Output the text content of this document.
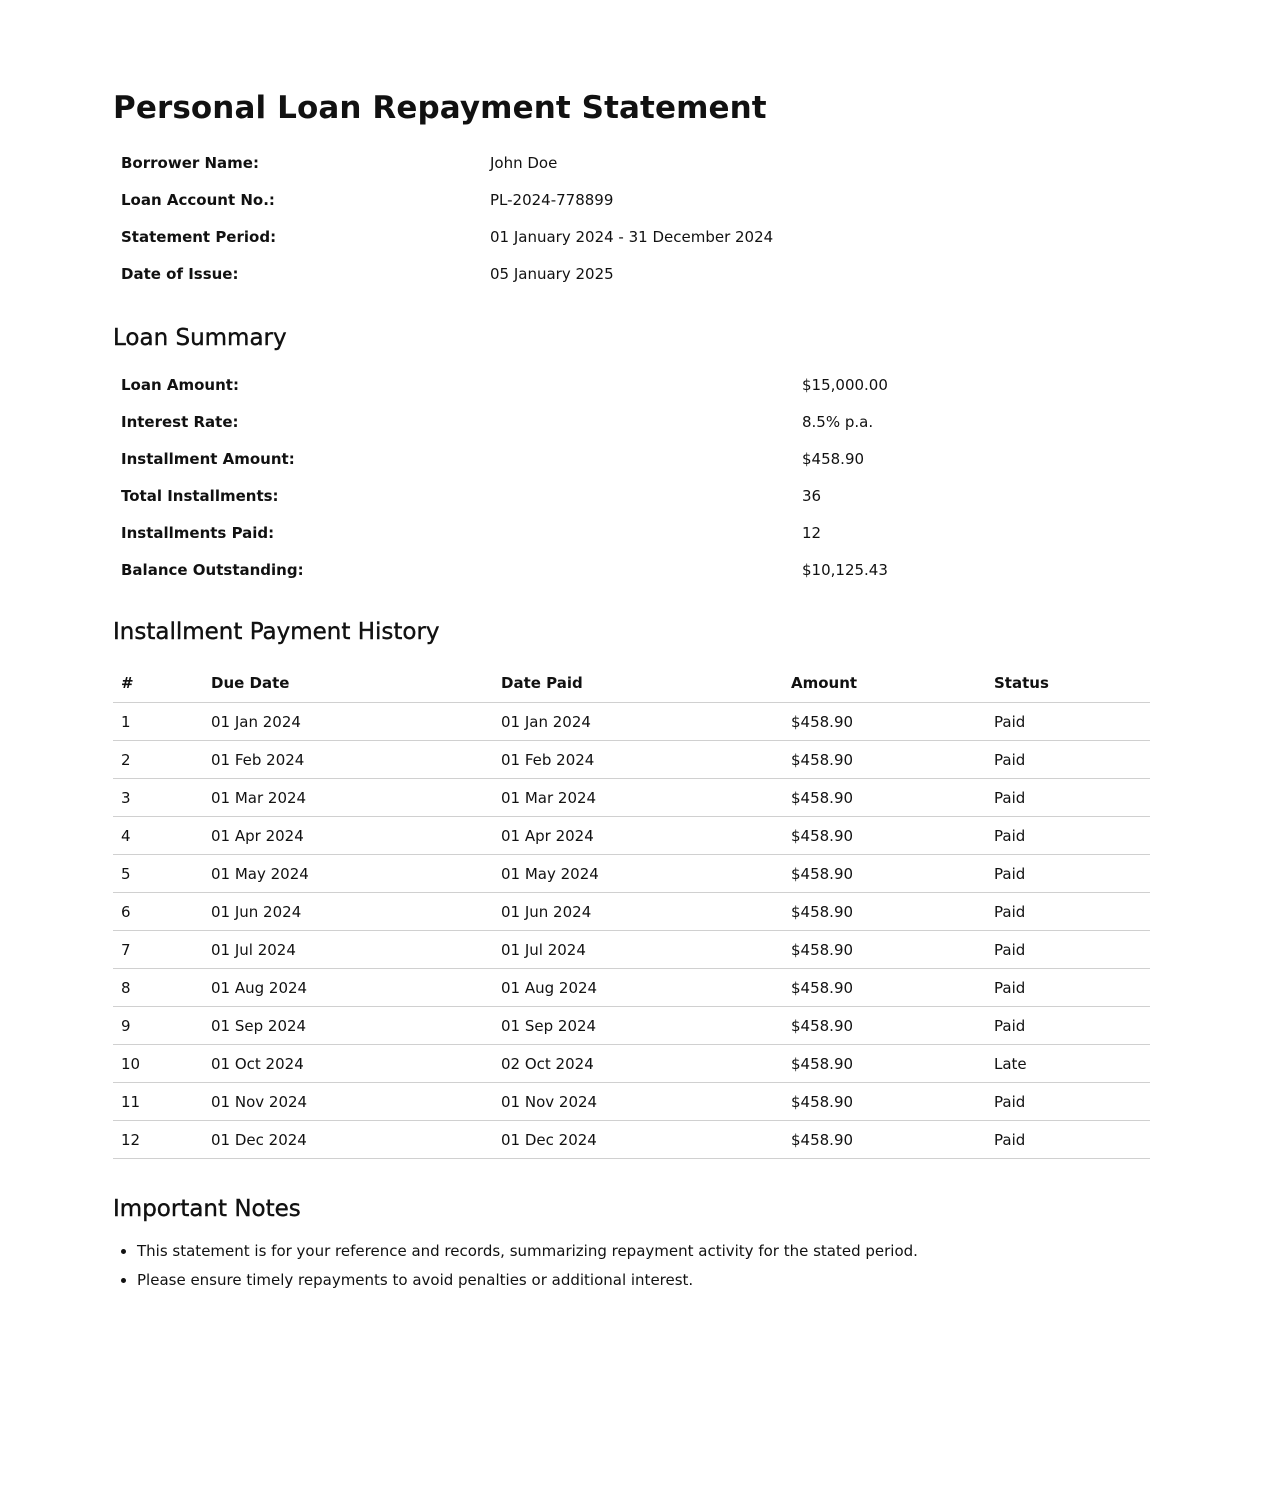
Personal Loan Repayment Statement
Borrower Name:	John Doe
Loan Account No.:	PL-2024-778899
Statement Period:	01 January 2024 - 31 December 2024
Date of Issue:	05 January 2025
Loan Summary
Loan Amount:	$15,000.00
Interest Rate:	8.5% p.a.
Installment Amount:	$458.90
Total Installments:	36
Installments Paid:	12
Balance Outstanding:	$10,125.43
Installment Payment History
#	Due Date	Date Paid	Amount	Status
1	01 Jan 2024	01 Jan 2024	$458.90	Paid
2	01 Feb 2024	01 Feb 2024	$458.90	Paid
3	01 Mar 2024	01 Mar 2024	$458.90	Paid
4	01 Apr 2024	01 Apr 2024	$458.90	Paid
5	01 May 2024	01 May 2024	$458.90	Paid
6	01 Jun 2024	01 Jun 2024	$458.90	Paid
7	01 Jul 2024	01 Jul 2024	$458.90	Paid
8	01 Aug 2024	01 Aug 2024	$458.90	Paid
9	01 Sep 2024	01 Sep 2024	$458.90	Paid
10	01 Oct 2024	02 Oct 2024	$458.90	Late
11	01 Nov 2024	01 Nov 2024	$458.90	Paid
12	01 Dec 2024	01 Dec 2024	$458.90	Paid
Important Notes
• This statement is for your reference and records, summarizing repayment activity for the stated period.
• Please ensure timely repayments to avoid penalties or additional interest.
